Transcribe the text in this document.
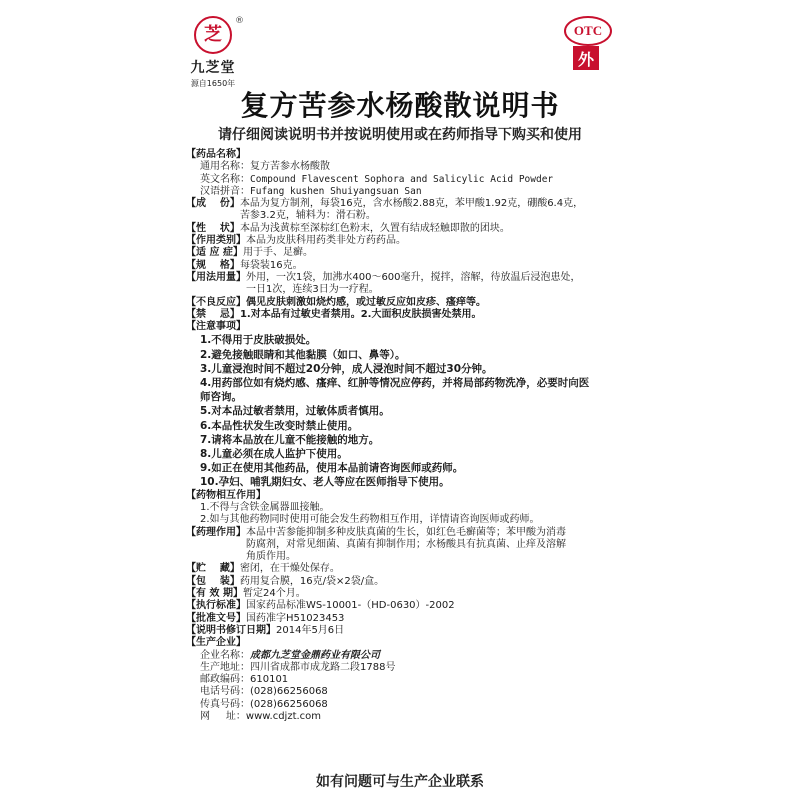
®
芝
九芝堂
源自1650年
OTC
外
复方苦参水杨酸散说明书
请仔细阅读说明书并按说明使用或在药师指导下购买和使用
【药品名称】
通用名称： 复方苦参水杨酸散
英文名称： Compound Flavescent Sophora and Salicylic Acid Powder
汉语拼音： Fufang kushen Shuiyangsuan San
【成    份】 本品为复方制剂，每袋16克，含水杨酸2.88克，苯甲酸1.92克，硼酸6.4克，
苦参3.2克，辅料为：滑石粉。
【性    状】 本品为浅黄棕至深棕红色粉末，久置有结成轻触即散的团块。
【作用类别】 本品为皮肤科用药类非处方药药品。
【适 应 症】 用于手、足癣。
【规    格】 每袋装16克。
【用法用量】 外用，一次1袋，加沸水400～600毫升，搅拌，溶解，待放温后浸泡患处，
一日1次，连续3日为一疗程。
【不良反应】 偶见皮肤刺激如烧灼感，或过敏反应如皮疹、瘙痒等。
【禁    忌】 1.对本品有过敏史者禁用。2.大面积皮肤损害处禁用。
【注意事项】
1.不得用于皮肤破损处。
2.避免接触眼睛和其他黏膜（如口、鼻等）。
3.儿童浸泡时间不超过20分钟，成人浸泡时间不超过30分钟。
4.用药部位如有烧灼感、瘙痒、红肿等情况应停药，并将局部药物洗净，必要时向医
师咨询。
5.对本品过敏者禁用，过敏体质者慎用。
6.本品性状发生改变时禁止使用。
7.请将本品放在儿童不能接触的地方。
8.儿童必须在成人监护下使用。
9.如正在使用其他药品，使用本品前请咨询医师或药师。
10.孕妇、哺乳期妇女、老人等应在医师指导下使用。
【药物相互作用】
1.不得与含铁金属器皿接触。
2.如与其他药物同时使用可能会发生药物相互作用，详情请咨询医师或药师。
【药理作用】 本品中苦参能抑制多种皮肤真菌的生长，如红色毛癣菌等；苯甲酸为消毒
防腐剂，对常见细菌、真菌有抑制作用；水杨酸具有抗真菌、止痒及溶解
角质作用。
【贮    藏】 密闭，在干燥处保存。
【包    装】 药用复合膜，16克/袋×2袋/盒。
【有 效 期】 暂定24个月。
【执行标准】 国家药品标准WS-10001-（HD-0630）-2002
【批准文号】 国药准字H51023453
【说明书修订日期】 2014年5月6日
【生产企业】
企业名称： 成都九芝堂金鼎药业有限公司
生产地址： 四川省成都市成龙路二段1788号
邮政编码： 610101
电话号码： (028)66256068
传真号码： (028)66256068
网     址： www.cdjzt.com
如有问题可与生产企业联系
